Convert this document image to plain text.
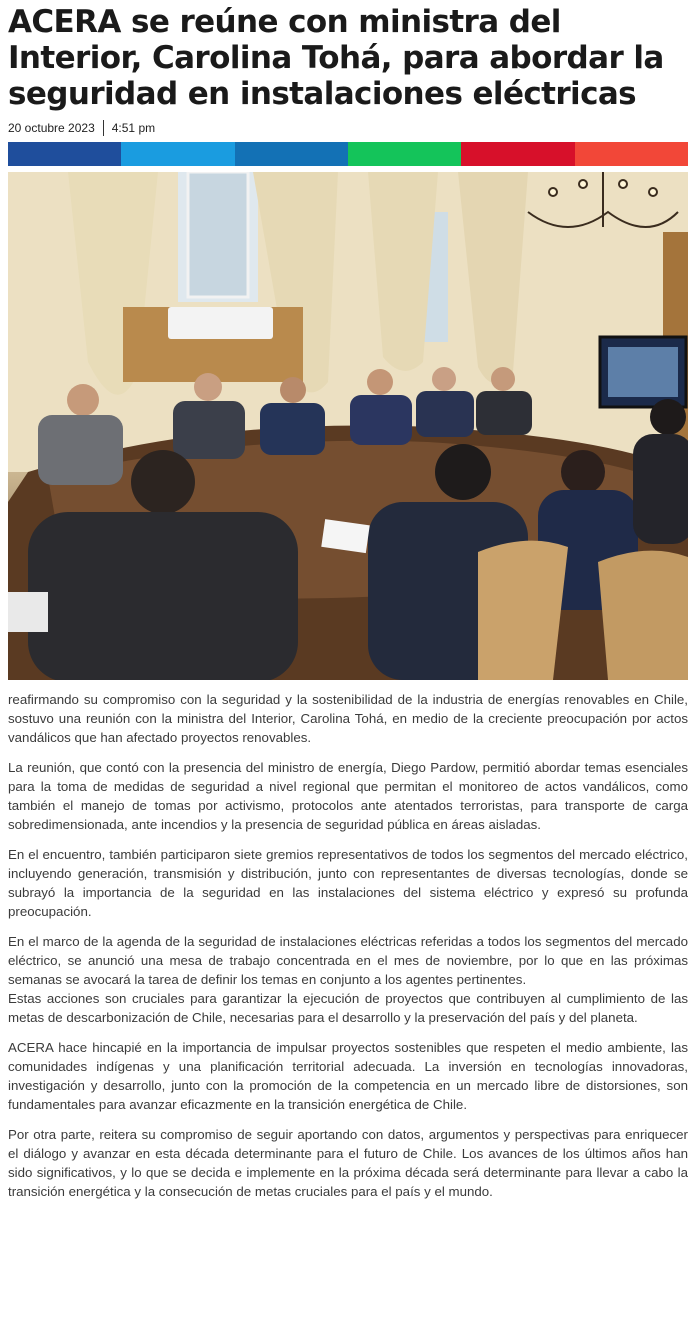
ACERA se reúne con ministra del Interior, Carolina Tohá, para abordar la seguridad en instalaciones eléctricas
20 octubre 2023 4:51 pm

reafirmando su compromiso con la seguridad y la sostenibilidad de la industria de energías renovables en Chile, sostuvo una reunión con la ministra del Interior, Carolina Tohá, en medio de la creciente preocupación por actos vandálicos que han afectado proyectos renovables.

La reunión, que contó con la presencia del ministro de energía, Diego Pardow, permitió abordar temas esenciales para la toma de medidas de seguridad a nivel regional que permitan el monitoreo de actos vandálicos, como también el manejo de tomas por activismo, protocolos ante atentados terroristas, para transporte de carga sobredimensionada, ante incendios y la presencia de seguridad pública en áreas aisladas.

En el encuentro, también participaron siete gremios representativos de todos los segmentos del mercado eléctrico, incluyendo generación, transmisión y distribución, junto con representantes de diversas tecnologías, donde se subrayó la importancia de la seguridad en las instalaciones del sistema eléctrico y expresó su profunda preocupación.

En el marco de la agenda de la seguridad de instalaciones eléctricas referidas a todos los segmentos del mercado eléctrico, se anunció una mesa de trabajo concentrada en el mes de noviembre, por lo que en las próximas semanas se avocará la tarea de definir los temas en conjunto a los agentes pertinentes.

Estas acciones son cruciales para garantizar la ejecución de proyectos que contribuyen al cumplimiento de las metas de descarbonización de Chile, necesarias para el desarrollo y la preservación del país y del planeta.

ACERA hace hincapié en la importancia de impulsar proyectos sostenibles que respeten el medio ambiente, las comunidades indígenas y una planificación territorial adecuada. La inversión en tecnologías innovadoras, investigación y desarrollo, junto con la promoción de la competencia en un mercado libre de distorsiones, son fundamentales para avanzar eficazmente en la transición energética de Chile.

Por otra parte, reitera su compromiso de seguir aportando con datos, argumentos y perspectivas para enriquecer el diálogo y avanzar en esta década determinante para el futuro de Chile. Los avances de los últimos años han sido significativos, y lo que se decida e implemente en la próxima década será determinante para llevar a cabo la transición energética y la consecución de metas cruciales para el país y el mundo.
